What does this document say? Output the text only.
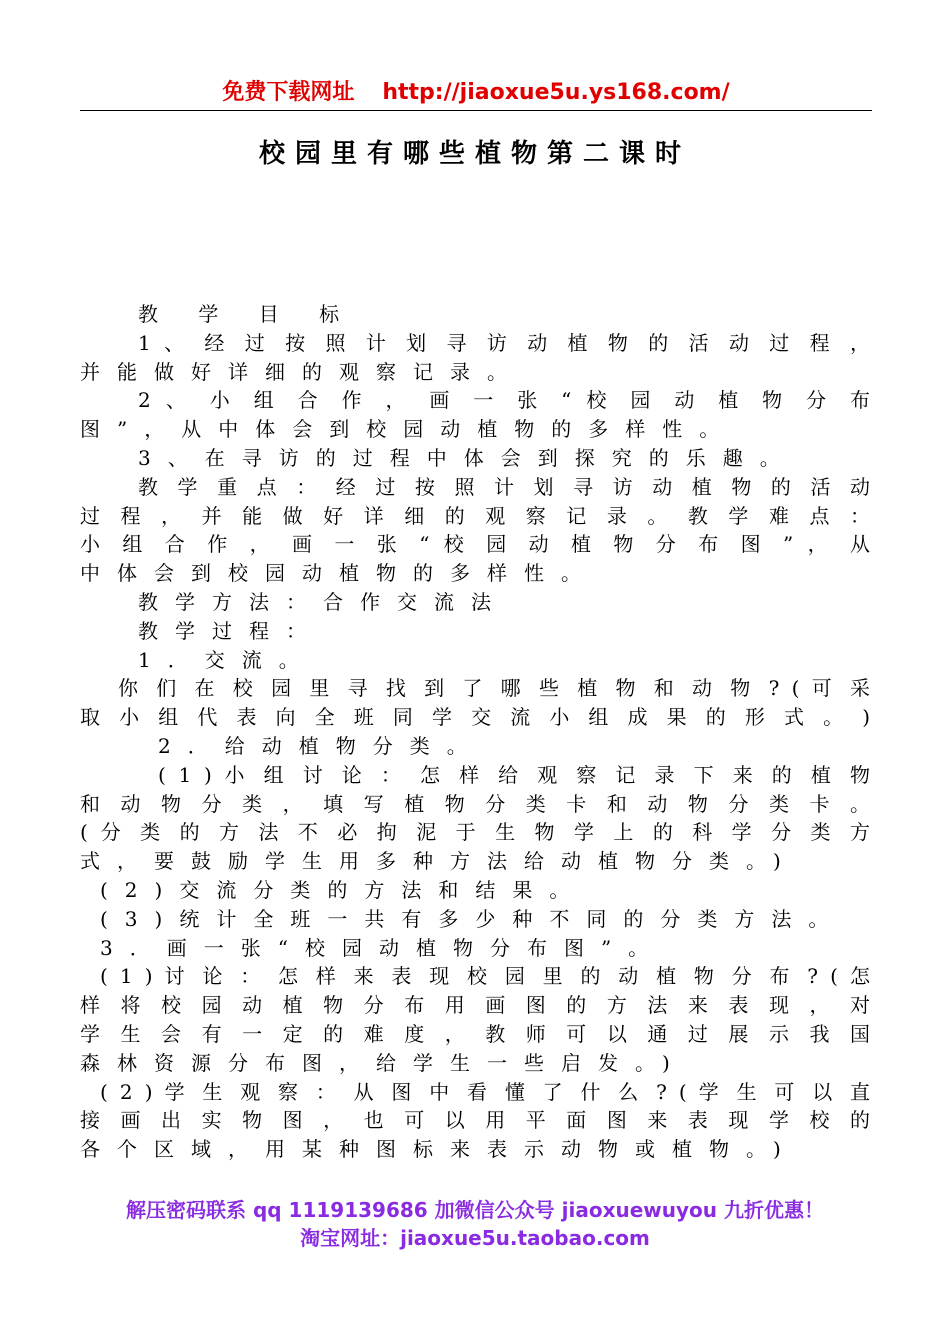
免费下载网址 http://jiaoxue5u.ys168.com/
校园里有哪些植物第二课时
教 学 目 标
1 、 经 过 按 照 计 划 寻 访 动 植 物 的 活 动 过 程 ，
并能做好详细的观察记录。
2 、 小 组 合 作 ， 画 一 张 “ 校 园 动 植 物 分 布
图”，从中体会到校园动植物的多样性。
3、在寻访的过程中体会到探究的乐趣。
教 学 重 点 ： 经 过 按 照 计 划 寻 访 动 植 物 的 活 动
过 程 ， 并 能 做 好 详 细 的 观 察 记 录 。 教 学 难 点 ：
小 组 合 作 ， 画 一 张 “ 校 园 动 植 物 分 布 图 ” ， 从
中体会到校园动植物的多样性。
教学方法：合作交流法
教学过程：
1．交流。
你 们 在 校 园 里 寻 找 到 了 哪 些 植 物 和 动 物 ? ( 可 采
取 小 组 代 表 向 全 班 同 学 交 流 小 组 成 果 的 形 式 。 )
2．给动植物分类。
( 1 ) 小 组 讨 论 ： 怎 样 给 观 察 记 录 下 来 的 植 物
和 动 物 分 类 ， 填 写 植 物 分 类 卡 和 动 物 分 类 卡 。
( 分 类 的 方 法 不 必 拘 泥 于 生 物 学 上 的 科 学 分 类 方
式，要鼓励学生用多种方法给动植物分类。)
(2)交流分类的方法和结果。
(3)统计全班一共有多少种不同的分类方法。
3．画一张“校园动植物分布图”。
( 1 ) 讨 论 ： 怎 样 来 表 现 校 园 里 的 动 植 物 分 布 ? ( 怎
样 将 校 园 动 植 物 分 布 用 画 图 的 方 法 来 表 现 ， 对
学 生 会 有 一 定 的 难 度 ， 教 师 可 以 通 过 展 示 我 国
森林资源分布图，给学生一些启发。)
( 2 ) 学 生 观 察 ： 从 图 中 看 懂 了 什 么 ? ( 学 生 可 以 直
接 画 出 实 物 图 ， 也 可 以 用 平 面 图 来 表 现 学 校 的
各个区域，用某种图标来表示动物或植物。)
解压密码联系 qq 1119139686 加微信公众号 jiaoxuewuyou 九折优惠！
淘宝网址：jiaoxue5u.taobao.com
